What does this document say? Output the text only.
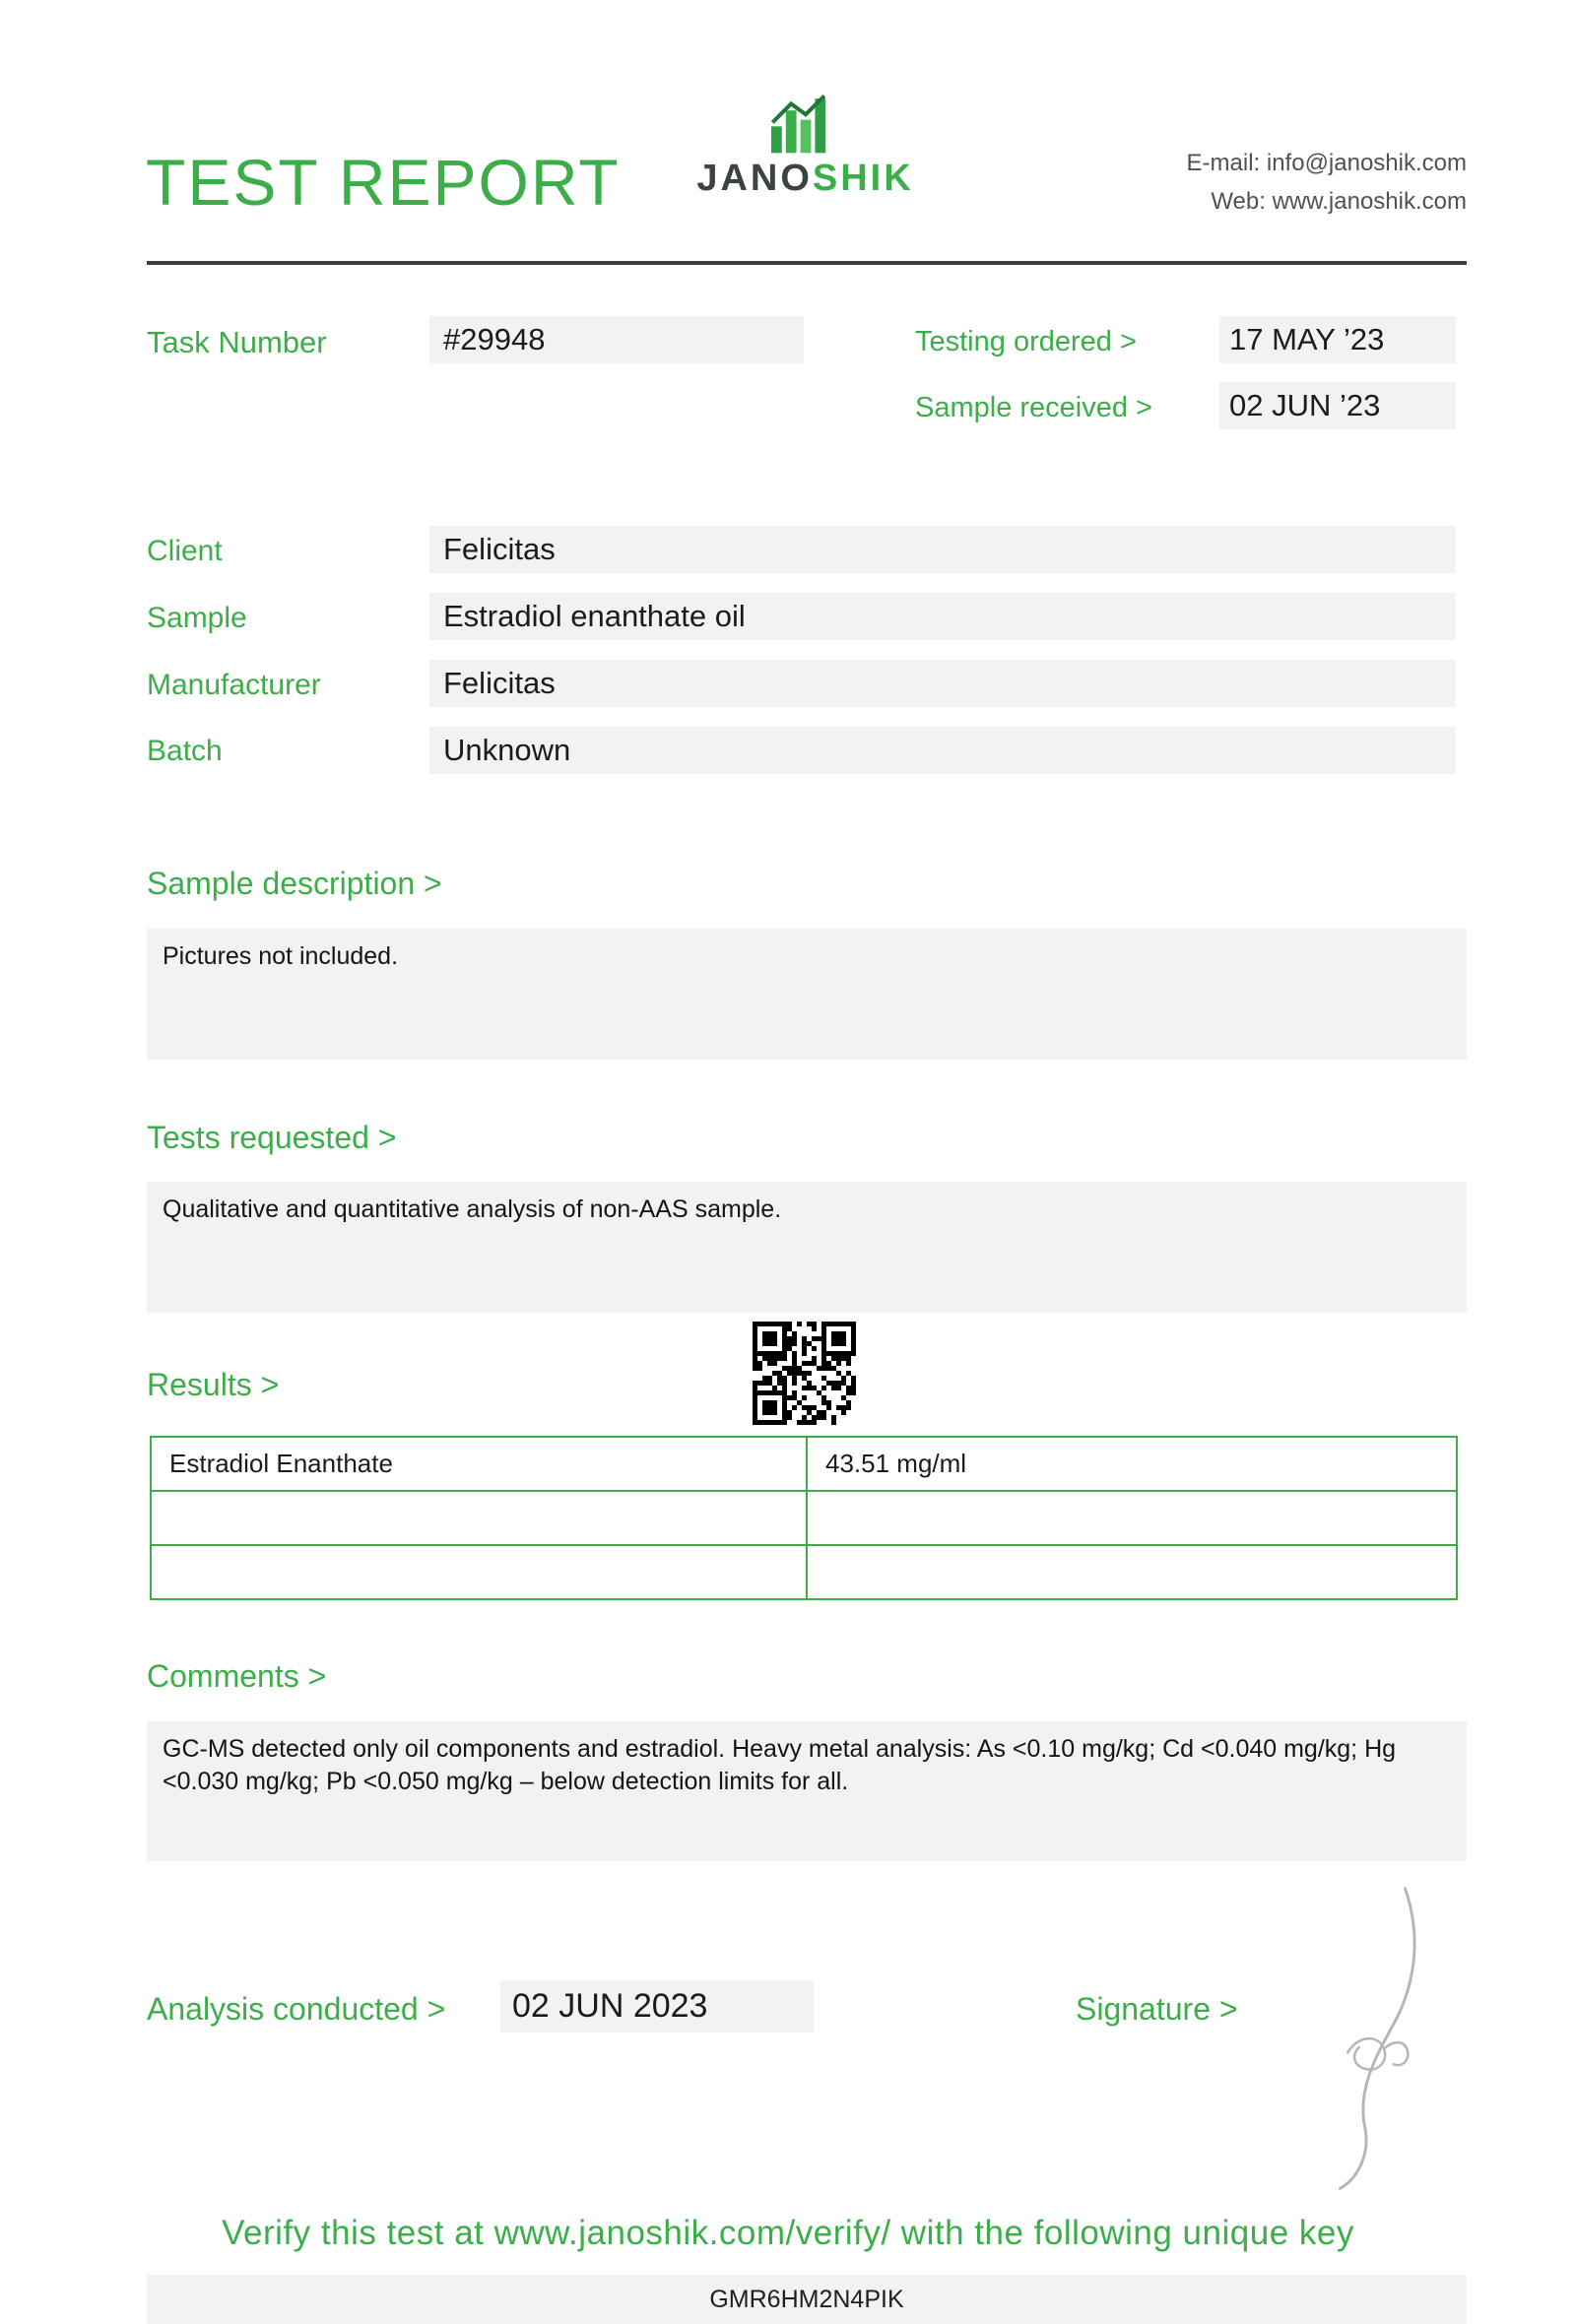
TEST REPORT JANOSHIK	E-mail: info@janoshik.com
Web: www.janoshik.com
Task Number	#29948	Testing ordered >	17 MAY ’23
Sample received >	02 JUN ’23
Client	Felicitas
Sample	Estradiol enanthate oil
Manufacturer	Felicitas
Batch	Unknown
Sample description >

Pictures not included.

Tests requested >

Qualitative and quantitative analysis of non-AAS sample.

Results >
Estradiol Enanthate	43.51 mg/ml

Comments >

GC-MS detected only oil components and estradiol. Heavy metal analysis: As <0.10 mg/kg; Cd <0.040 mg/kg; Hg <0.030 mg/kg; Pb <0.050 mg/kg – below detection limits for all.

Analysis conducted >	02 JUN 2023	Signature >
Verify this test at www.janoshik.com/verify/ with the following unique key
GMR6HM2N4PIK
